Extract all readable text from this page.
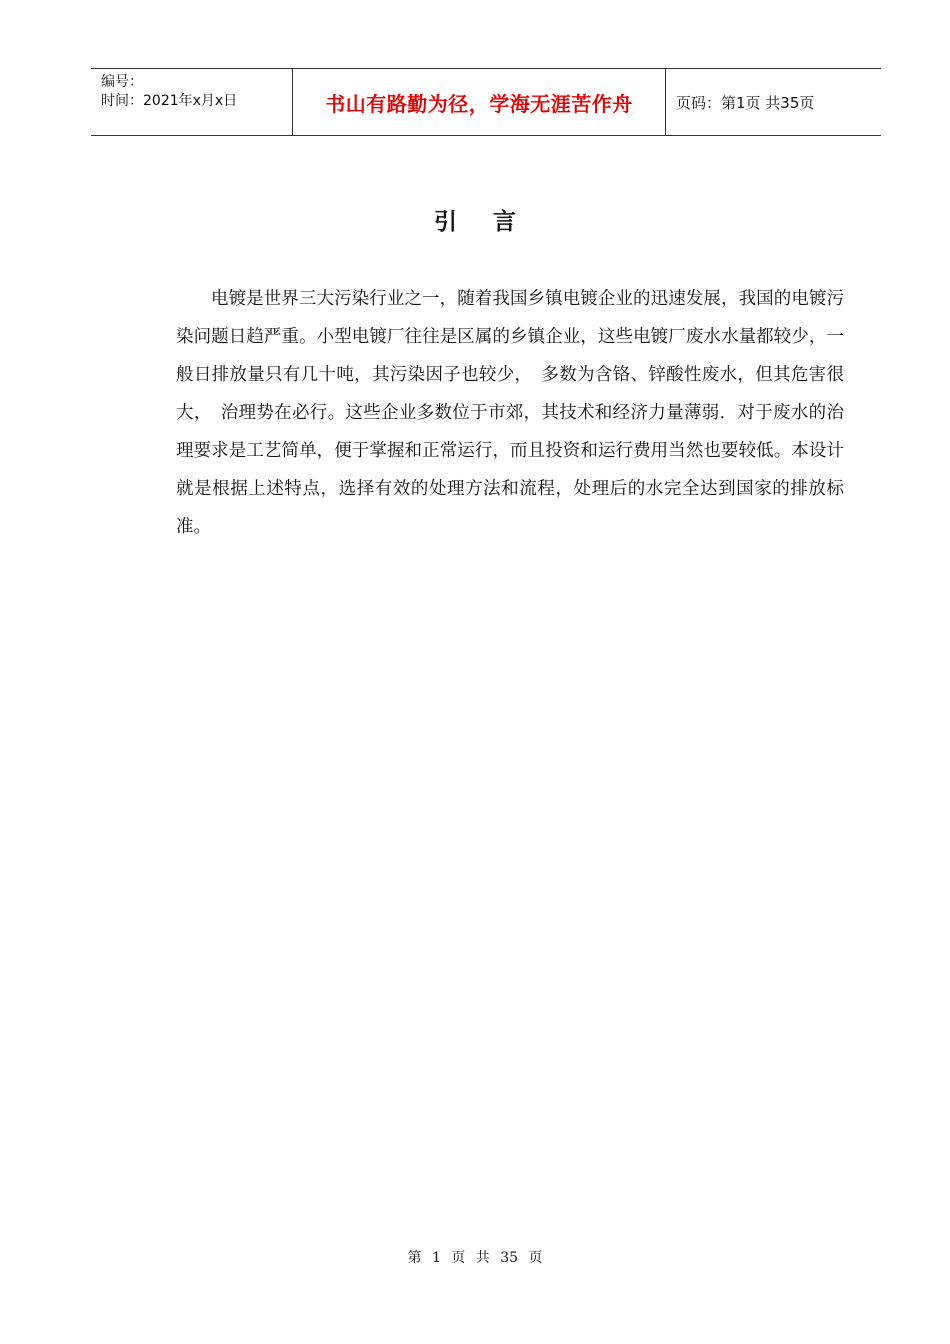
编号：
时间：2021年x月x日	书山有路勤为径，学海无涯苦作舟	页码：第1页 共35页
引 言

电镀是世界三大污染行业之一，随着我国乡镇电镀企业的迅速发展，我国的电镀污染问题日趋严重。小型电镀厂往往是区属的乡镇企业，这些电镀厂废水水量都较少，一般日排放量只有几十吨，其污染因子也较少，　多数为含铬、锌酸性废水，但其危害很大，　治理势在必行。这些企业多数位于市郊，其技术和经济力量薄弱．对于废水的治理要求是工艺简单，便于掌握和正常运行，而且投资和运行费用当然也要较低。本设计就是根据上述特点，选择有效的处理方法和流程，处理后的水完全达到国家的排放标准。

第 1 页 共 35 页
